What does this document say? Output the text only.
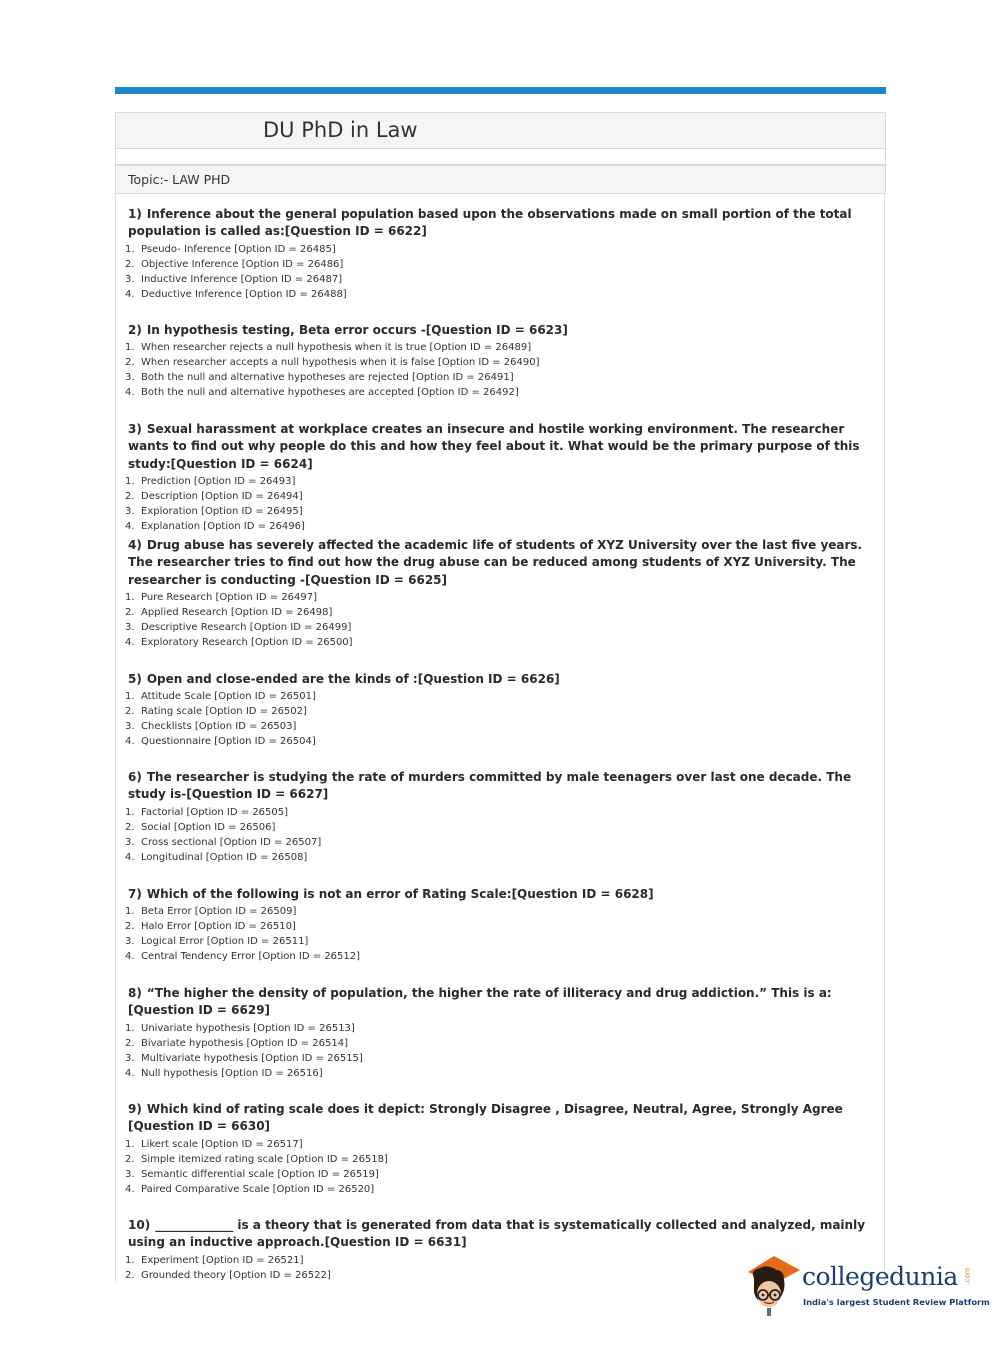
DU PhD in Law
Topic:- LAW PHD
1) Inference about the general population based upon the observations made on small portion of the total population is called as:[Question ID = 6622]
1. Pseudo- Inference [Option ID = 26485]
2. Objective Inference [Option ID = 26486]
3. Inductive Inference [Option ID = 26487]
4. Deductive Inference [Option ID = 26488]
2) In hypothesis testing, Beta error occurs -[Question ID = 6623]
1. When researcher rejects a null hypothesis when it is true [Option ID = 26489]
2. When researcher accepts a null hypothesis when it is false [Option ID = 26490]
3. Both the null and alternative hypotheses are rejected [Option ID = 26491]
4. Both the null and alternative hypotheses are accepted [Option ID = 26492]
3) Sexual harassment at workplace creates an insecure and hostile working environment. The researcher wants to find out why people do this and how they feel about it. What would be the primary purpose of this study:[Question ID = 6624]
1. Prediction [Option ID = 26493]
2. Description [Option ID = 26494]
3. Exploration [Option ID = 26495]
4. Explanation [Option ID = 26496]
4) Drug abuse has severely affected the academic life of students of XYZ University over the last five years. The researcher tries to find out how the drug abuse can be reduced among students of XYZ University. The researcher is conducting -[Question ID = 6625]
1. Pure Research [Option ID = 26497]
2. Applied Research [Option ID = 26498]
3. Descriptive Research [Option ID = 26499]
4. Exploratory Research [Option ID = 26500]
5) Open and close-ended are the kinds of :[Question ID = 6626]
1. Attitude Scale [Option ID = 26501]
2. Rating scale [Option ID = 26502]
3. Checklists [Option ID = 26503]
4. Questionnaire [Option ID = 26504]
6) The researcher is studying the rate of murders committed by male teenagers over last one decade. The study is-[Question ID = 6627]
1. Factorial [Option ID = 26505]
2. Social [Option ID = 26506]
3. Cross sectional [Option ID = 26507]
4. Longitudinal [Option ID = 26508]
7) Which of the following is not an error of Rating Scale:[Question ID = 6628]
1. Beta Error [Option ID = 26509]
2. Halo Error [Option ID = 26510]
3. Logical Error [Option ID = 26511]
4. Central Tendency Error [Option ID = 26512]
8) “The higher the density of population, the higher the rate of illiteracy and drug addiction.” This is a:[Question ID = 6629]
1. Univariate hypothesis [Option ID = 26513]
2. Bivariate hypothesis [Option ID = 26514]
3. Multivariate hypothesis [Option ID = 26515]
4. Null hypothesis [Option ID = 26516]
9) Which kind of rating scale does it depict: Strongly Disagree , Disagree, Neutral, Agree, Strongly Agree [Question ID = 6630]
1. Likert scale [Option ID = 26517]
2. Simple itemized rating scale [Option ID = 26518]
3. Semantic differential scale [Option ID = 26519]
4. Paired Comparative Scale [Option ID = 26520]
10) _____________ is a theory that is generated from data that is systematically collected and analyzed, mainly using an inductive approach.[Question ID = 6631]
1. Experiment [Option ID = 26521]
2. Grounded theory [Option ID = 26522]	collegedunia .com
India's largest Student Review Platform
